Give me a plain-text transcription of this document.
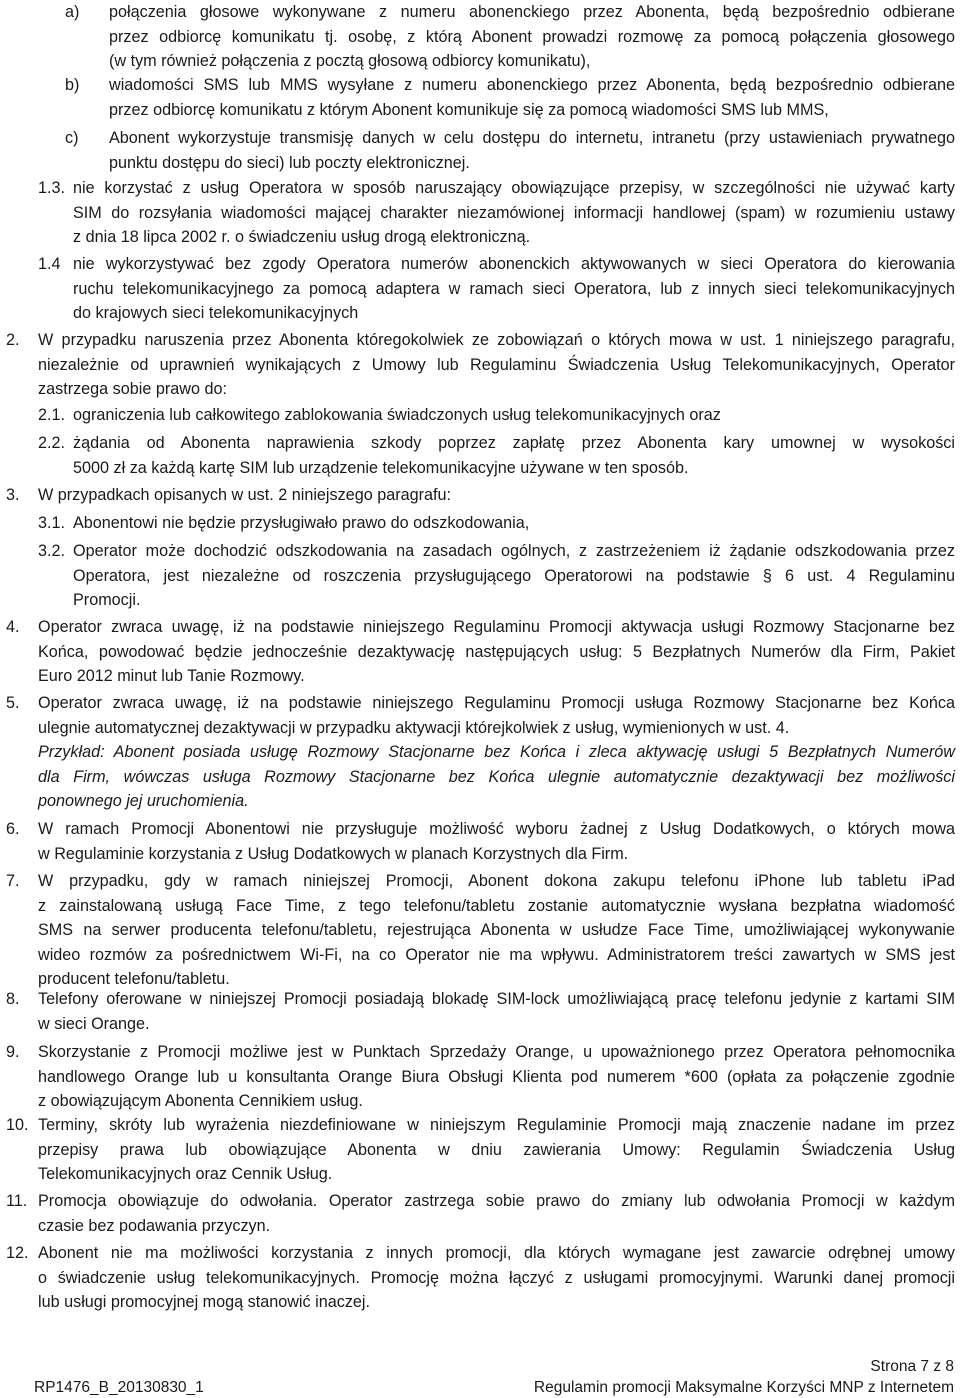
a) połączenia głosowe wykonywane z numeru abonenckiego przez Abonenta, będą bezpośrednio odbierane
przez odbiorcę komunikatu tj. osobę, z którą Abonent prowadzi rozmowę za pomocą połączenia głosowego
(w tym również połączenia z pocztą głosową odbiorcy komunikatu),
b) wiadomości SMS lub MMS wysyłane z numeru abonenckiego przez Abonenta, będą bezpośrednio odbierane
przez odbiorcę komunikatu z którym Abonent komunikuje się za pomocą wiadomości SMS lub MMS,
c) Abonent wykorzystuje transmisję danych w celu dostępu do internetu, intranetu (przy ustawieniach prywatnego
punktu dostępu do sieci) lub poczty elektronicznej.
1.3. nie korzystać z usług Operatora w sposób naruszający obowiązujące przepisy, w szczególności nie używać karty
SIM do rozsyłania wiadomości mającej charakter niezamówionej informacji handlowej (spam) w rozumieniu ustawy
z dnia 18 lipca 2002 r. o świadczeniu usług drogą elektroniczną.
1.4 nie wykorzystywać bez zgody Operatora numerów abonenckich aktywowanych w sieci Operatora do kierowania
ruchu telekomunikacyjnego za pomocą adaptera w ramach sieci Operatora, lub z innych sieci telekomunikacyjnych
do krajowych sieci telekomunikacyjnych
2. W przypadku naruszenia przez Abonenta któregokolwiek ze zobowiązań o których mowa w ust. 1 niniejszego paragrafu,
niezależnie od uprawnień wynikających z Umowy lub Regulaminu Świadczenia Usług Telekomunikacyjnych, Operator
zastrzega sobie prawo do:
2.1. ograniczenia lub całkowitego zablokowania świadczonych usług telekomunikacyjnych oraz
2.2. żądania od Abonenta naprawienia szkody poprzez zapłatę przez Abonenta kary umownej w wysokości
5000 zł za każdą kartę SIM lub urządzenie telekomunikacyjne używane w ten sposób.
3. W przypadkach opisanych w ust. 2 niniejszego paragrafu:
3.1. Abonentowi nie będzie przysługiwało prawo do odszkodowania,
3.2. Operator może dochodzić odszkodowania na zasadach ogólnych, z zastrzeżeniem iż żądanie odszkodowania przez
Operatora, jest niezależne od roszczenia przysługującego Operatorowi na podstawie § 6 ust. 4 Regulaminu
Promocji.
4. Operator zwraca uwagę, iż na podstawie niniejszego Regulaminu Promocji aktywacja usługi Rozmowy Stacjonarne bez
Końca, powodować będzie jednocześnie dezaktywację następujących usług: 5 Bezpłatnych Numerów dla Firm, Pakiet
Euro 2012 minut lub Tanie Rozmowy.
5. Operator zwraca uwagę, iż na podstawie niniejszego Regulaminu Promocji usługa Rozmowy Stacjonarne bez Końca
ulegnie automatycznej dezaktywacji w przypadku aktywacji którejkolwiek z usług, wymienionych w ust. 4.
Przykład: Abonent posiada usługę Rozmowy Stacjonarne bez Końca i zleca aktywację usługi 5 Bezpłatnych Numerów
dla Firm, wówczas usługa Rozmowy Stacjonarne bez Końca ulegnie automatycznie dezaktywacji bez możliwości
ponownego jej uruchomienia.
6. W ramach Promocji Abonentowi nie przysługuje możliwość wyboru żadnej z Usług Dodatkowych, o których mowa
w Regulaminie korzystania z Usług Dodatkowych w planach Korzystnych dla Firm.
7. W przypadku, gdy w ramach niniejszej Promocji, Abonent dokona zakupu telefonu iPhone lub tabletu iPad
z zainstalowaną usługą Face Time, z tego telefonu/tabletu zostanie automatycznie wysłana bezpłatna wiadomość
SMS na serwer producenta telefonu/tabletu, rejestrująca Abonenta w usłudze Face Time, umożliwiającej wykonywanie
wideo rozmów za pośrednictwem Wi-Fi, na co Operator nie ma wpływu. Administratorem treści zawartych w SMS jest
producent telefonu/tabletu.
8. Telefony oferowane w niniejszej Promocji posiadają blokadę SIM-lock umożliwiającą pracę telefonu jedynie z kartami SIM
w sieci Orange.
9. Skorzystanie z Promocji możliwe jest w Punktach Sprzedaży Orange, u upoważnionego przez Operatora pełnomocnika
handlowego Orange lub u konsultanta Orange Biura Obsługi Klienta pod numerem *600 (opłata za połączenie zgodnie
z obowiązującym Abonenta Cennikiem usług.
10. Terminy, skróty lub wyrażenia niezdefiniowane w niniejszym Regulaminie Promocji mają znaczenie nadane im przez
przepisy prawa lub obowiązujące Abonenta w dniu zawierania Umowy: Regulamin Świadczenia Usług
Telekomunikacyjnych oraz Cennik Usług.
11. Promocja obowiązuje do odwołania. Operator zastrzega sobie prawo do zmiany lub odwołania Promocji w każdym
czasie bez podawania przyczyn.
12. Abonent nie ma możliwości korzystania z innych promocji, dla których wymagane jest zawarcie odrębnej umowy
o świadczenie usług telekomunikacyjnych. Promocję można łączyć z usługami promocyjnymi. Warunki danej promocji
lub usługi promocyjnej mogą stanowić inaczej.
Strona 7 z 8
RP1476_B_20130830_1	Regulamin promocji Maksymalne Korzyści MNP z Internetem
